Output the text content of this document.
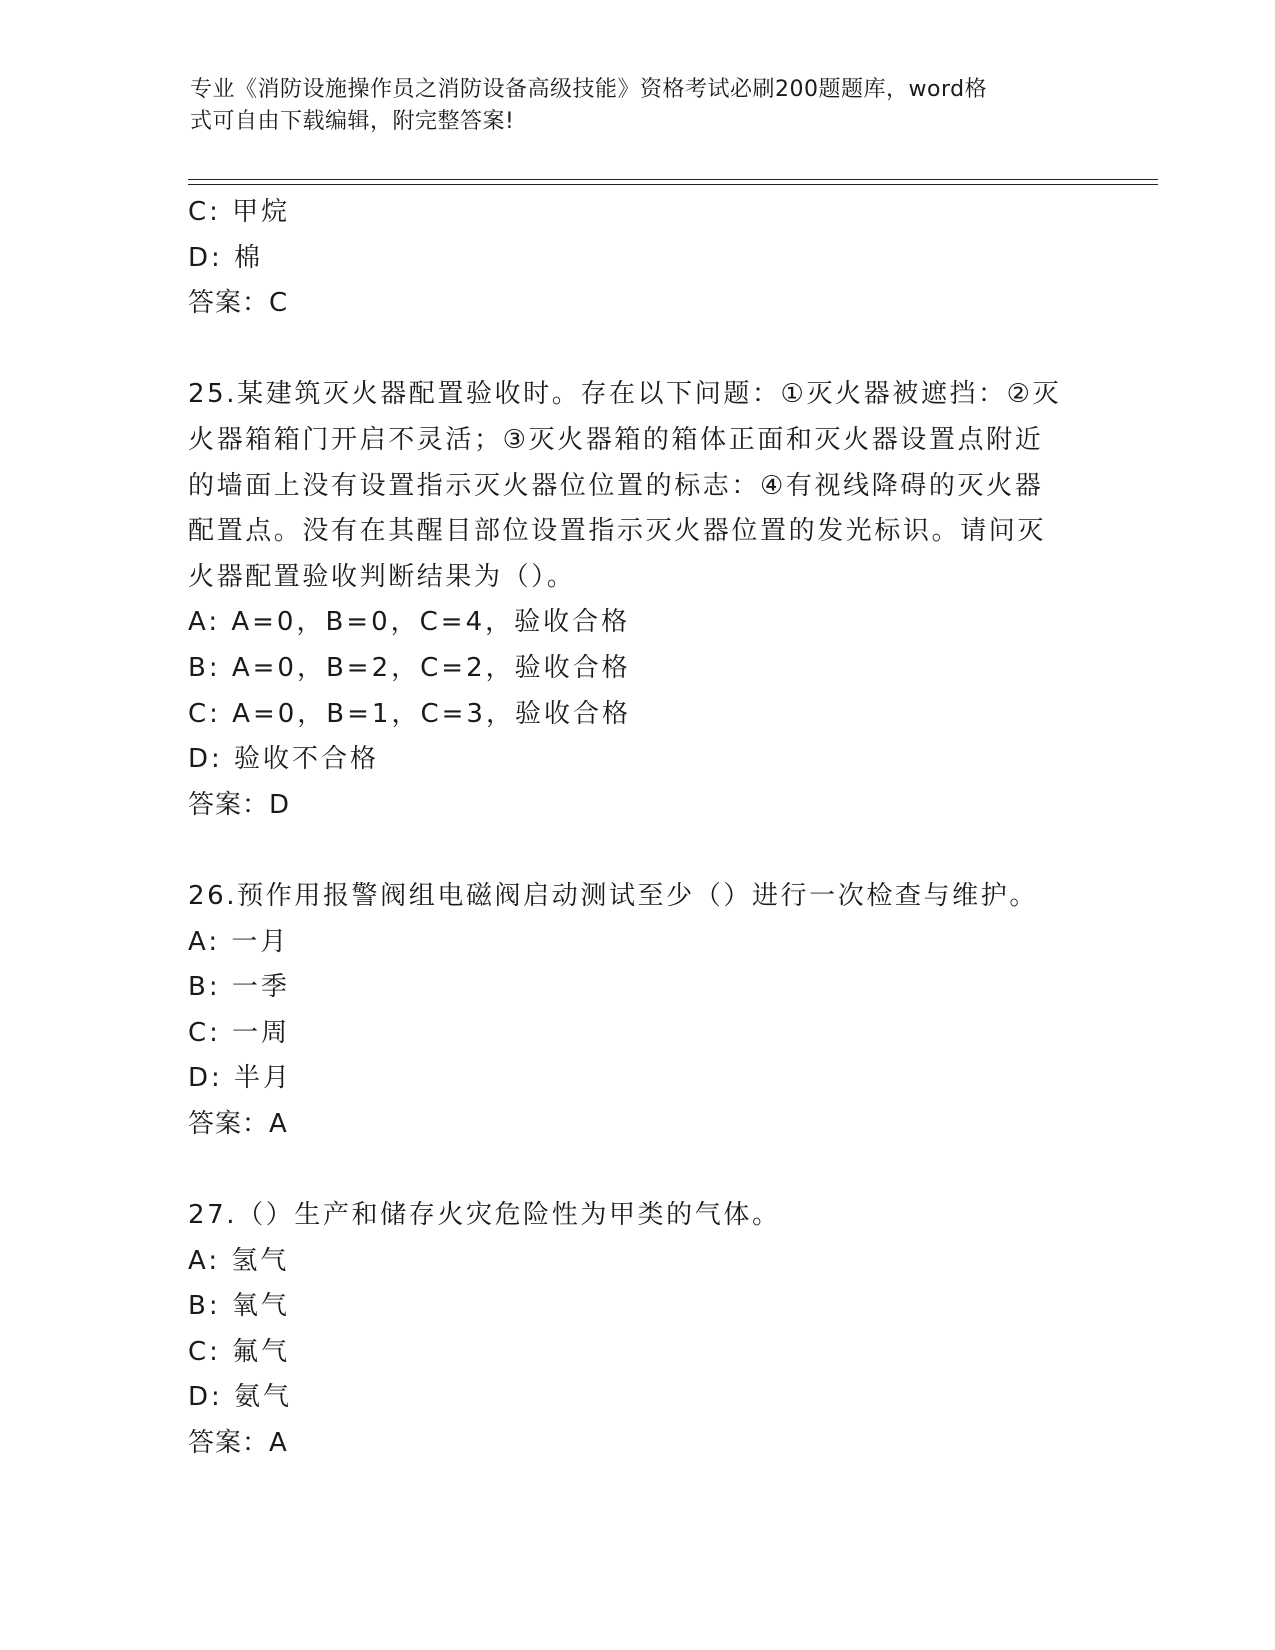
专业《消防设施操作员之消防设备高级技能》资格考试必刷200题题库，word格
式可自由下载编辑，附完整答案!
C: 甲烷
D: 棉
答案：C
25.某建筑灭火器配置验收时。存在以下问题：①灭火器被遮挡：②灭
火器箱箱门开启不灵活；③灭火器箱的箱体正面和灭火器设置点附近
的墙面上没有设置指示灭火器位位置的标志：④有视线降碍的灭火器
配置点。没有在其醒目部位设置指示灭火器位置的发光标识。请问灭
火器配置验收判断结果为（）。
A: A=0，B=0，C=4，验收合格
B: A=0，B=2，C=2，验收合格
C: A=0，B=1，C=3，验收合格
D: 验收不合格
答案：D
26.预作用报警阀组电磁阀启动测试至少（）进行一次检查与维护。
A: 一月
B: 一季
C: 一周
D: 半月
答案：A
27.（）生产和储存火灾危险性为甲类的气体。
A: 氢气
B: 氧气
C: 氟气
D: 氨气
答案：A
